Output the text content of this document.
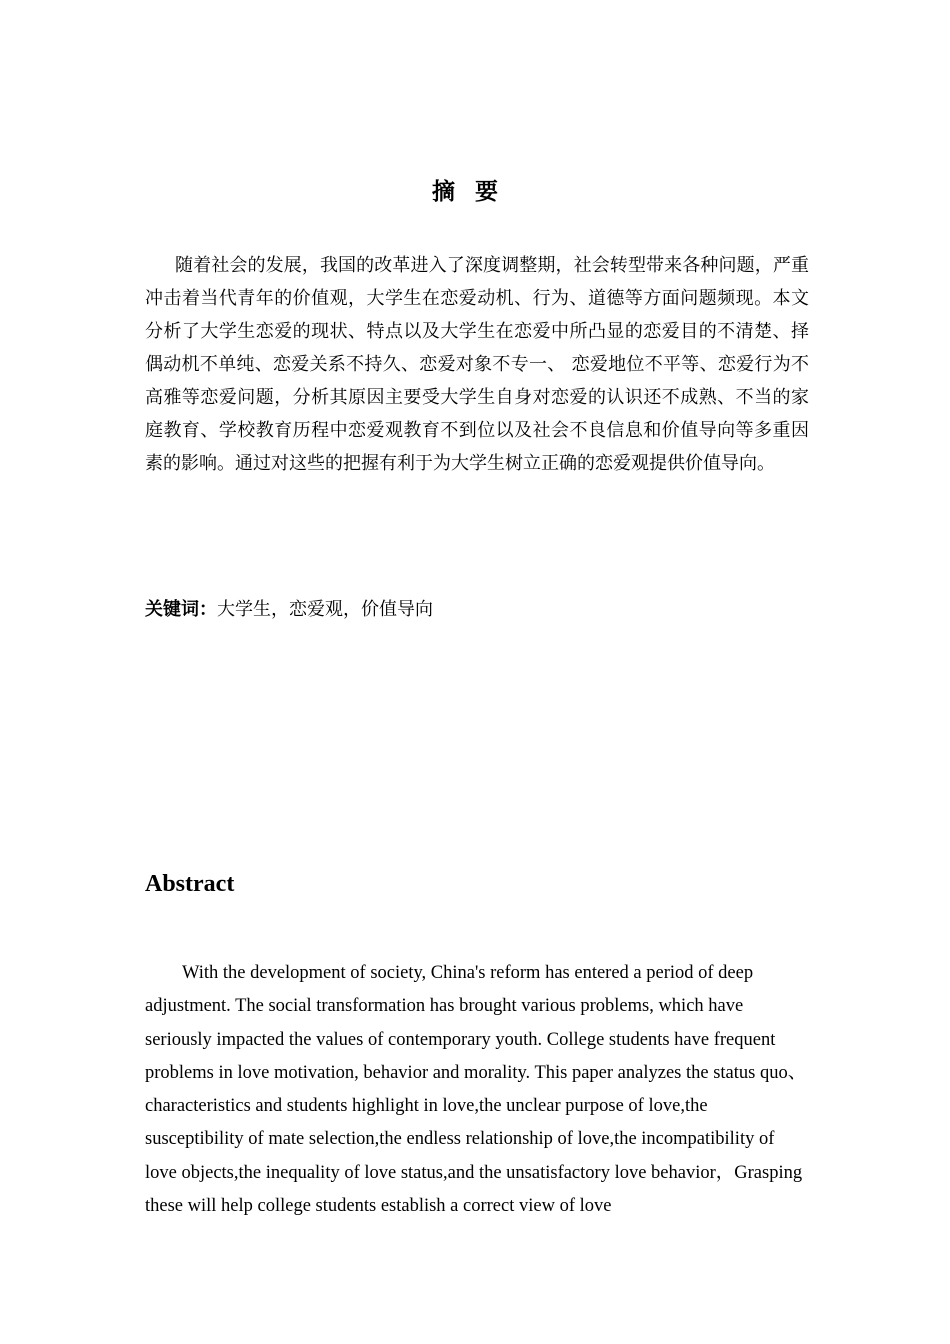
摘要

随着社会的发展，我国的改革进入了深度调整期，社会转型带来各种问题，严重冲击着当代青年的价值观，大学生在恋爱动机、行为、道德等方面问题频现。本文分析了大学生恋爱的现状、特点以及大学生在恋爱中所凸显的恋爱目的不清楚、择偶动机不单纯、恋爱关系不持久、恋爱对象不专一、 恋爱地位不平等、恋爱行为不高雅等恋爱问题，分析其原因主要受大学生自身对恋爱的认识还不成熟、不当的家庭教育、学校教育历程中恋爱观教育不到位以及社会不良信息和价值导向等多重因素的影响。通过对这些的把握有利于为大学生树立正确的恋爱观提供价值导向。

关键词：大学生，恋爱观，价值导向
Abstract

With the development of society, China's reform has entered a period of deep adjustment. The social transformation has brought various problems, which have seriously impacted the values of contemporary youth. College students have frequent problems in love motivation, behavior and morality. This paper analyzes the status quo、characteristics and students highlight in love,the unclear purpose of love,the susceptibility of mate selection,the endless relationship of love,the incompatibility of love objects,the inequality of love status,and the unsatisfactory love behavior，Grasping these will help college students establish a correct view of love
